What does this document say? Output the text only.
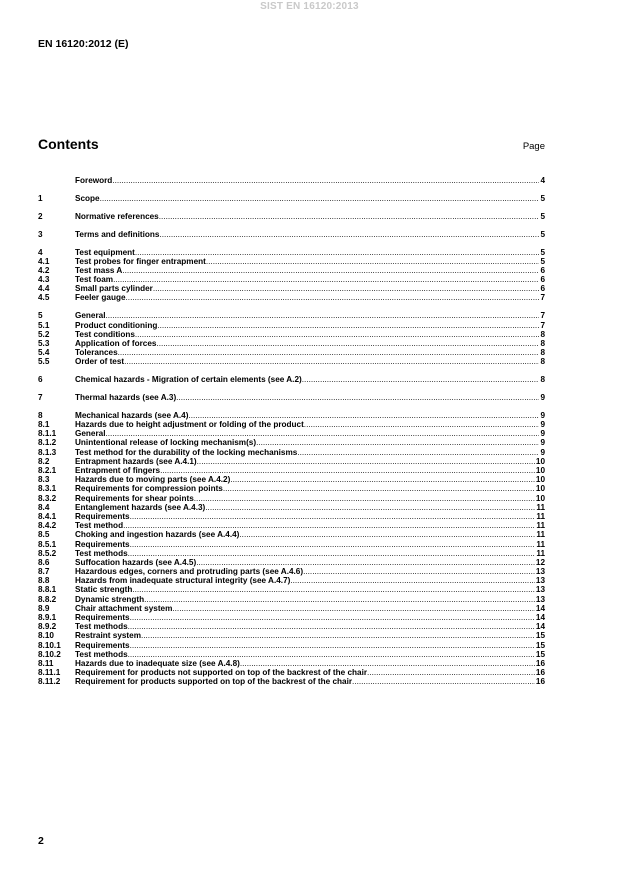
SIST EN 16120:2013
EN 16120:2012 (E)
Contents	Page
Foreword .....	4
1	Scope .....	5
2	Normative references .....	5
3	Terms and definitions .....	5
4	Test equipment .....	5
4.1	Test probes for finger entrapment .....	5
4.2	Test mass A .....	6
4.3	Test foam .....	6
4.4	Small parts cylinder .....	6
4.5	Feeler gauge .....	7
5	General .....	7
5.1	Product conditioning .....	7
5.2	Test conditions .....	8
5.3	Application of forces .....	8
5.4	Tolerances .....	8
5.5	Order of test .....	8
6	Chemical hazards - Migration of certain elements (see A.2) .....	8
7	Thermal hazards (see A.3) .....	9
8	Mechanical hazards (see A.4) .....	9
8.1	Hazards due to height adjustment or folding of the product .....	9
8.1.1	General .....	9
8.1.2	Unintentional release of locking mechanism(s) .....	9
8.1.3	Test method for the durability of the locking mechanisms .....	9
8.2	Entrapment hazards (see A.4.1) .....	10
8.2.1	Entrapment of fingers .....	10
8.3	Hazards due to moving parts (see A.4.2) .....	10
8.3.1	Requirements for compression points .....	10
8.3.2	Requirements for shear points .....	10
8.4	Entanglement hazards (see A.4.3) .....	11
8.4.1	Requirements .....	11
8.4.2	Test method .....	11
8.5	Choking and ingestion hazards (see A.4.4) .....	11
8.5.1	Requirements .....	11
8.5.2	Test methods .....	11
8.6	Suffocation hazards (see A.4.5) .....	12
8.7	Hazardous edges, corners and protruding parts (see A.4.6) .....	13
8.8	Hazards from inadequate structural integrity (see A.4.7) .....	13
8.8.1	Static strength .....	13
8.8.2	Dynamic strength .....	13
8.9	Chair attachment system .....	14
8.9.1	Requirements .....	14
8.9.2	Test methods .....	14
8.10	Restraint system .....	15
8.10.1	Requirements .....	15
8.10.2	Test methods .....	15
8.11	Hazards due to inadequate size (see A.4.8) .....	16
8.11.1	Requirement for products not supported on top of the backrest of the chair .....	16
8.11.2	Requirement for products supported on top of the backrest of the chair .....	16
2
